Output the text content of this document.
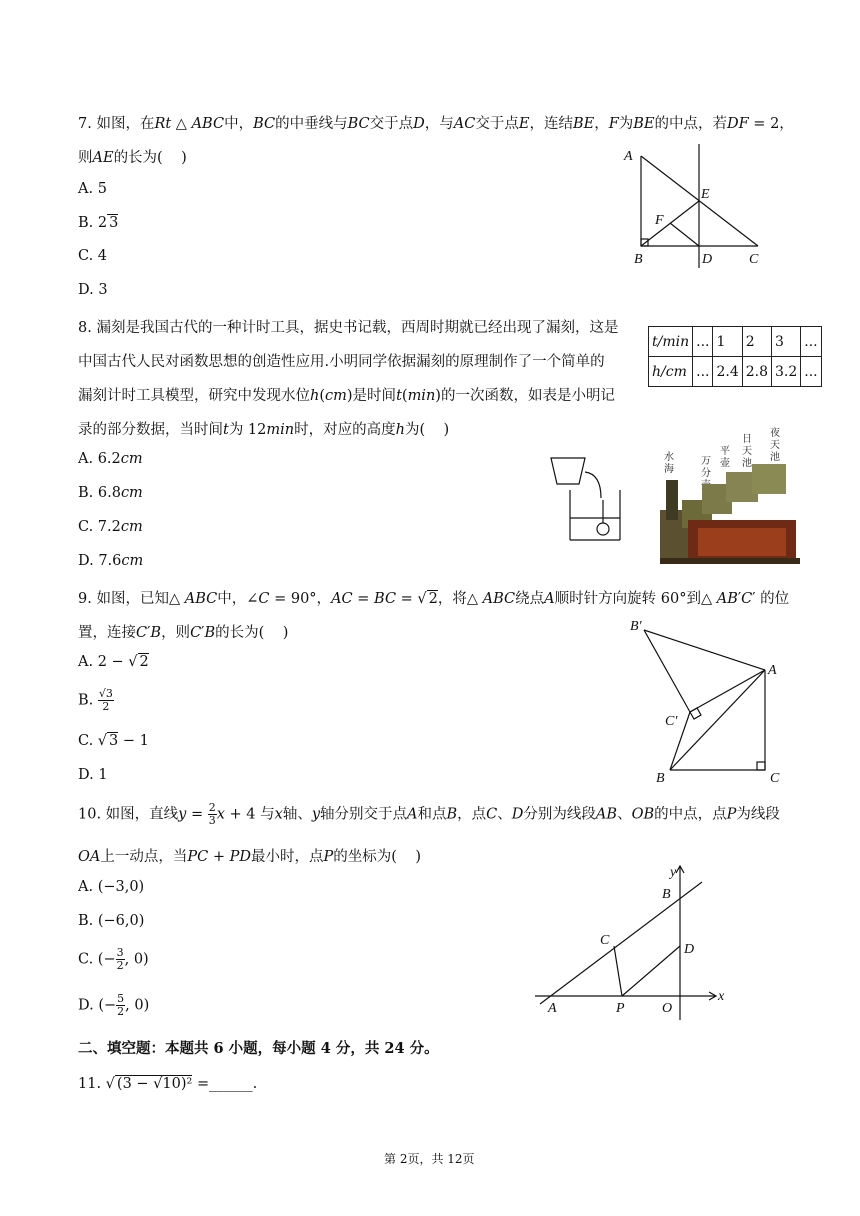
7. 如图，在Rt △ ABC中，BC的中垂线与BC交于点D，与AC交于点E，连结BE，F为BE的中点，若DF = 2，
则AE的长为(    )
A. 5
B. 2 3
C. 4
D. 3
A
E
F
B	D	C
8. 漏刻是我国古代的一种计时工具，据史书记载，西周时期就已经出现了漏刻，这是
中国古代人民对函数思想的创造性应用.小明同学依据漏刻的原理制作了一个简单的
漏刻计时工具模型，研究中发现水位h(cm)是时间t(min)的一次函数，如表是小明记
录的部分数据，当时间t为 12min时，对应的高度h为(    )
A. 6.2cm
B. 6.8cm
C. 7.2cm
D. 7.6cm
t/min	...	1	2	3	...
h/cm	...	2.4	2.8	3.2	...
水
海
万
分
平
壶
日
天
池
夜
天
池
9. 如图，已知△ ABC中，∠C = 90°，AC = BC = √ 2，将△ ABC绕点A顺时针方向旋转 60°到△ AB′C′ 的位
置，连接C′B，则C′B的长为(    )
A. 2 − √ 2
B. $\frac{√3}{2}$
C. √ 3 − 1
D. 1
B′
A
C′
B	C
10. 如图，直线$y = \frac{2}{3}$ x + 4 与x轴、y轴分别交于点A和点B，点C、D分别为线段AB、OB的中点，点P为线段
OA上一动点，当PC + PD最小时，点P的坐标为(    )
A. (−3,0)
B. (−6,0)
C. (− $\frac{3}{2}$ , 0)
D. (− $\frac{5}{2}$ , 0)
y
B
C
D
A	P	O
x
二、填空题：本题共 6 小题，每小题 4 分，共 24 分。
11. √ (3 − √10)² =______.
第 2页，共 12页
